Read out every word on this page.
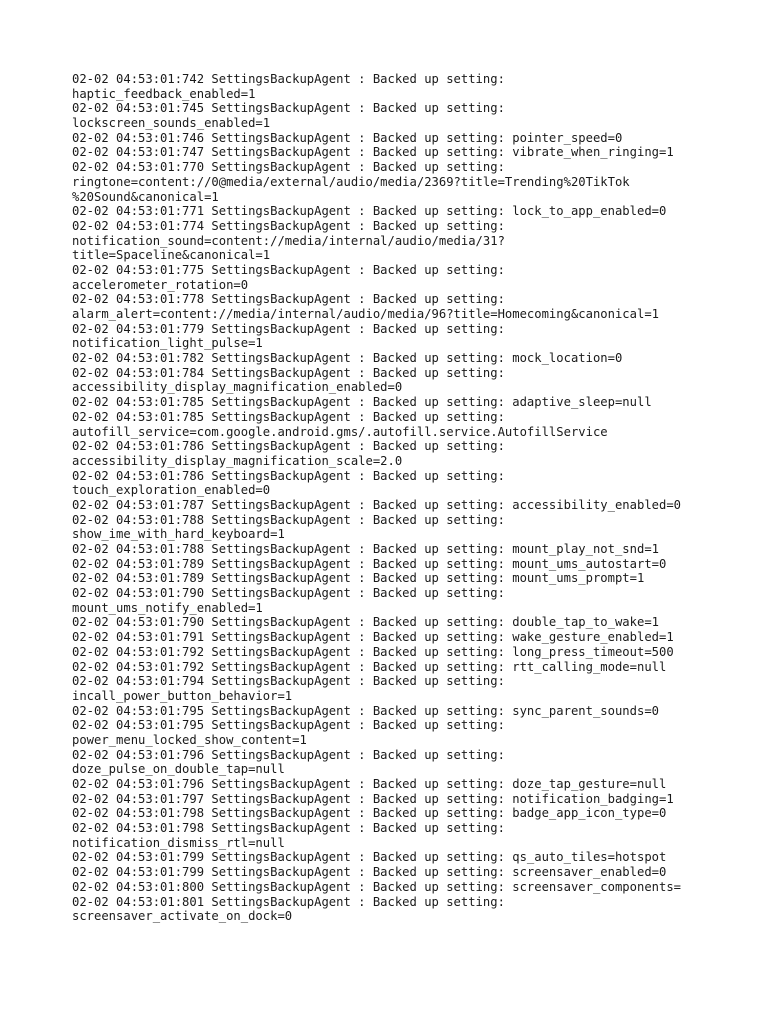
02-02 04:53:01:742 SettingsBackupAgent : Backed up setting:
haptic_feedback_enabled=1
02-02 04:53:01:745 SettingsBackupAgent : Backed up setting:
lockscreen_sounds_enabled=1
02-02 04:53:01:746 SettingsBackupAgent : Backed up setting: pointer_speed=0
02-02 04:53:01:747 SettingsBackupAgent : Backed up setting: vibrate_when_ringing=1
02-02 04:53:01:770 SettingsBackupAgent : Backed up setting:
ringtone=content://0@media/external/audio/media/2369?title=Trending%20TikTok
%20Sound&canonical=1
02-02 04:53:01:771 SettingsBackupAgent : Backed up setting: lock_to_app_enabled=0
02-02 04:53:01:774 SettingsBackupAgent : Backed up setting:
notification_sound=content://media/internal/audio/media/31?
title=Spaceline&canonical=1
02-02 04:53:01:775 SettingsBackupAgent : Backed up setting:
accelerometer_rotation=0
02-02 04:53:01:778 SettingsBackupAgent : Backed up setting:
alarm_alert=content://media/internal/audio/media/96?title=Homecoming&canonical=1
02-02 04:53:01:779 SettingsBackupAgent : Backed up setting:
notification_light_pulse=1
02-02 04:53:01:782 SettingsBackupAgent : Backed up setting: mock_location=0
02-02 04:53:01:784 SettingsBackupAgent : Backed up setting:
accessibility_display_magnification_enabled=0
02-02 04:53:01:785 SettingsBackupAgent : Backed up setting: adaptive_sleep=null
02-02 04:53:01:785 SettingsBackupAgent : Backed up setting:
autofill_service=com.google.android.gms/.autofill.service.AutofillService
02-02 04:53:01:786 SettingsBackupAgent : Backed up setting:
accessibility_display_magnification_scale=2.0
02-02 04:53:01:786 SettingsBackupAgent : Backed up setting:
touch_exploration_enabled=0
02-02 04:53:01:787 SettingsBackupAgent : Backed up setting: accessibility_enabled=0
02-02 04:53:01:788 SettingsBackupAgent : Backed up setting:
show_ime_with_hard_keyboard=1
02-02 04:53:01:788 SettingsBackupAgent : Backed up setting: mount_play_not_snd=1
02-02 04:53:01:789 SettingsBackupAgent : Backed up setting: mount_ums_autostart=0
02-02 04:53:01:789 SettingsBackupAgent : Backed up setting: mount_ums_prompt=1
02-02 04:53:01:790 SettingsBackupAgent : Backed up setting:
mount_ums_notify_enabled=1
02-02 04:53:01:790 SettingsBackupAgent : Backed up setting: double_tap_to_wake=1
02-02 04:53:01:791 SettingsBackupAgent : Backed up setting: wake_gesture_enabled=1
02-02 04:53:01:792 SettingsBackupAgent : Backed up setting: long_press_timeout=500
02-02 04:53:01:792 SettingsBackupAgent : Backed up setting: rtt_calling_mode=null
02-02 04:53:01:794 SettingsBackupAgent : Backed up setting:
incall_power_button_behavior=1
02-02 04:53:01:795 SettingsBackupAgent : Backed up setting: sync_parent_sounds=0
02-02 04:53:01:795 SettingsBackupAgent : Backed up setting:
power_menu_locked_show_content=1
02-02 04:53:01:796 SettingsBackupAgent : Backed up setting:
doze_pulse_on_double_tap=null
02-02 04:53:01:796 SettingsBackupAgent : Backed up setting: doze_tap_gesture=null
02-02 04:53:01:797 SettingsBackupAgent : Backed up setting: notification_badging=1
02-02 04:53:01:798 SettingsBackupAgent : Backed up setting: badge_app_icon_type=0
02-02 04:53:01:798 SettingsBackupAgent : Backed up setting:
notification_dismiss_rtl=null
02-02 04:53:01:799 SettingsBackupAgent : Backed up setting: qs_auto_tiles=hotspot
02-02 04:53:01:799 SettingsBackupAgent : Backed up setting: screensaver_enabled=0
02-02 04:53:01:800 SettingsBackupAgent : Backed up setting: screensaver_components=
02-02 04:53:01:801 SettingsBackupAgent : Backed up setting:
screensaver_activate_on_dock=0
